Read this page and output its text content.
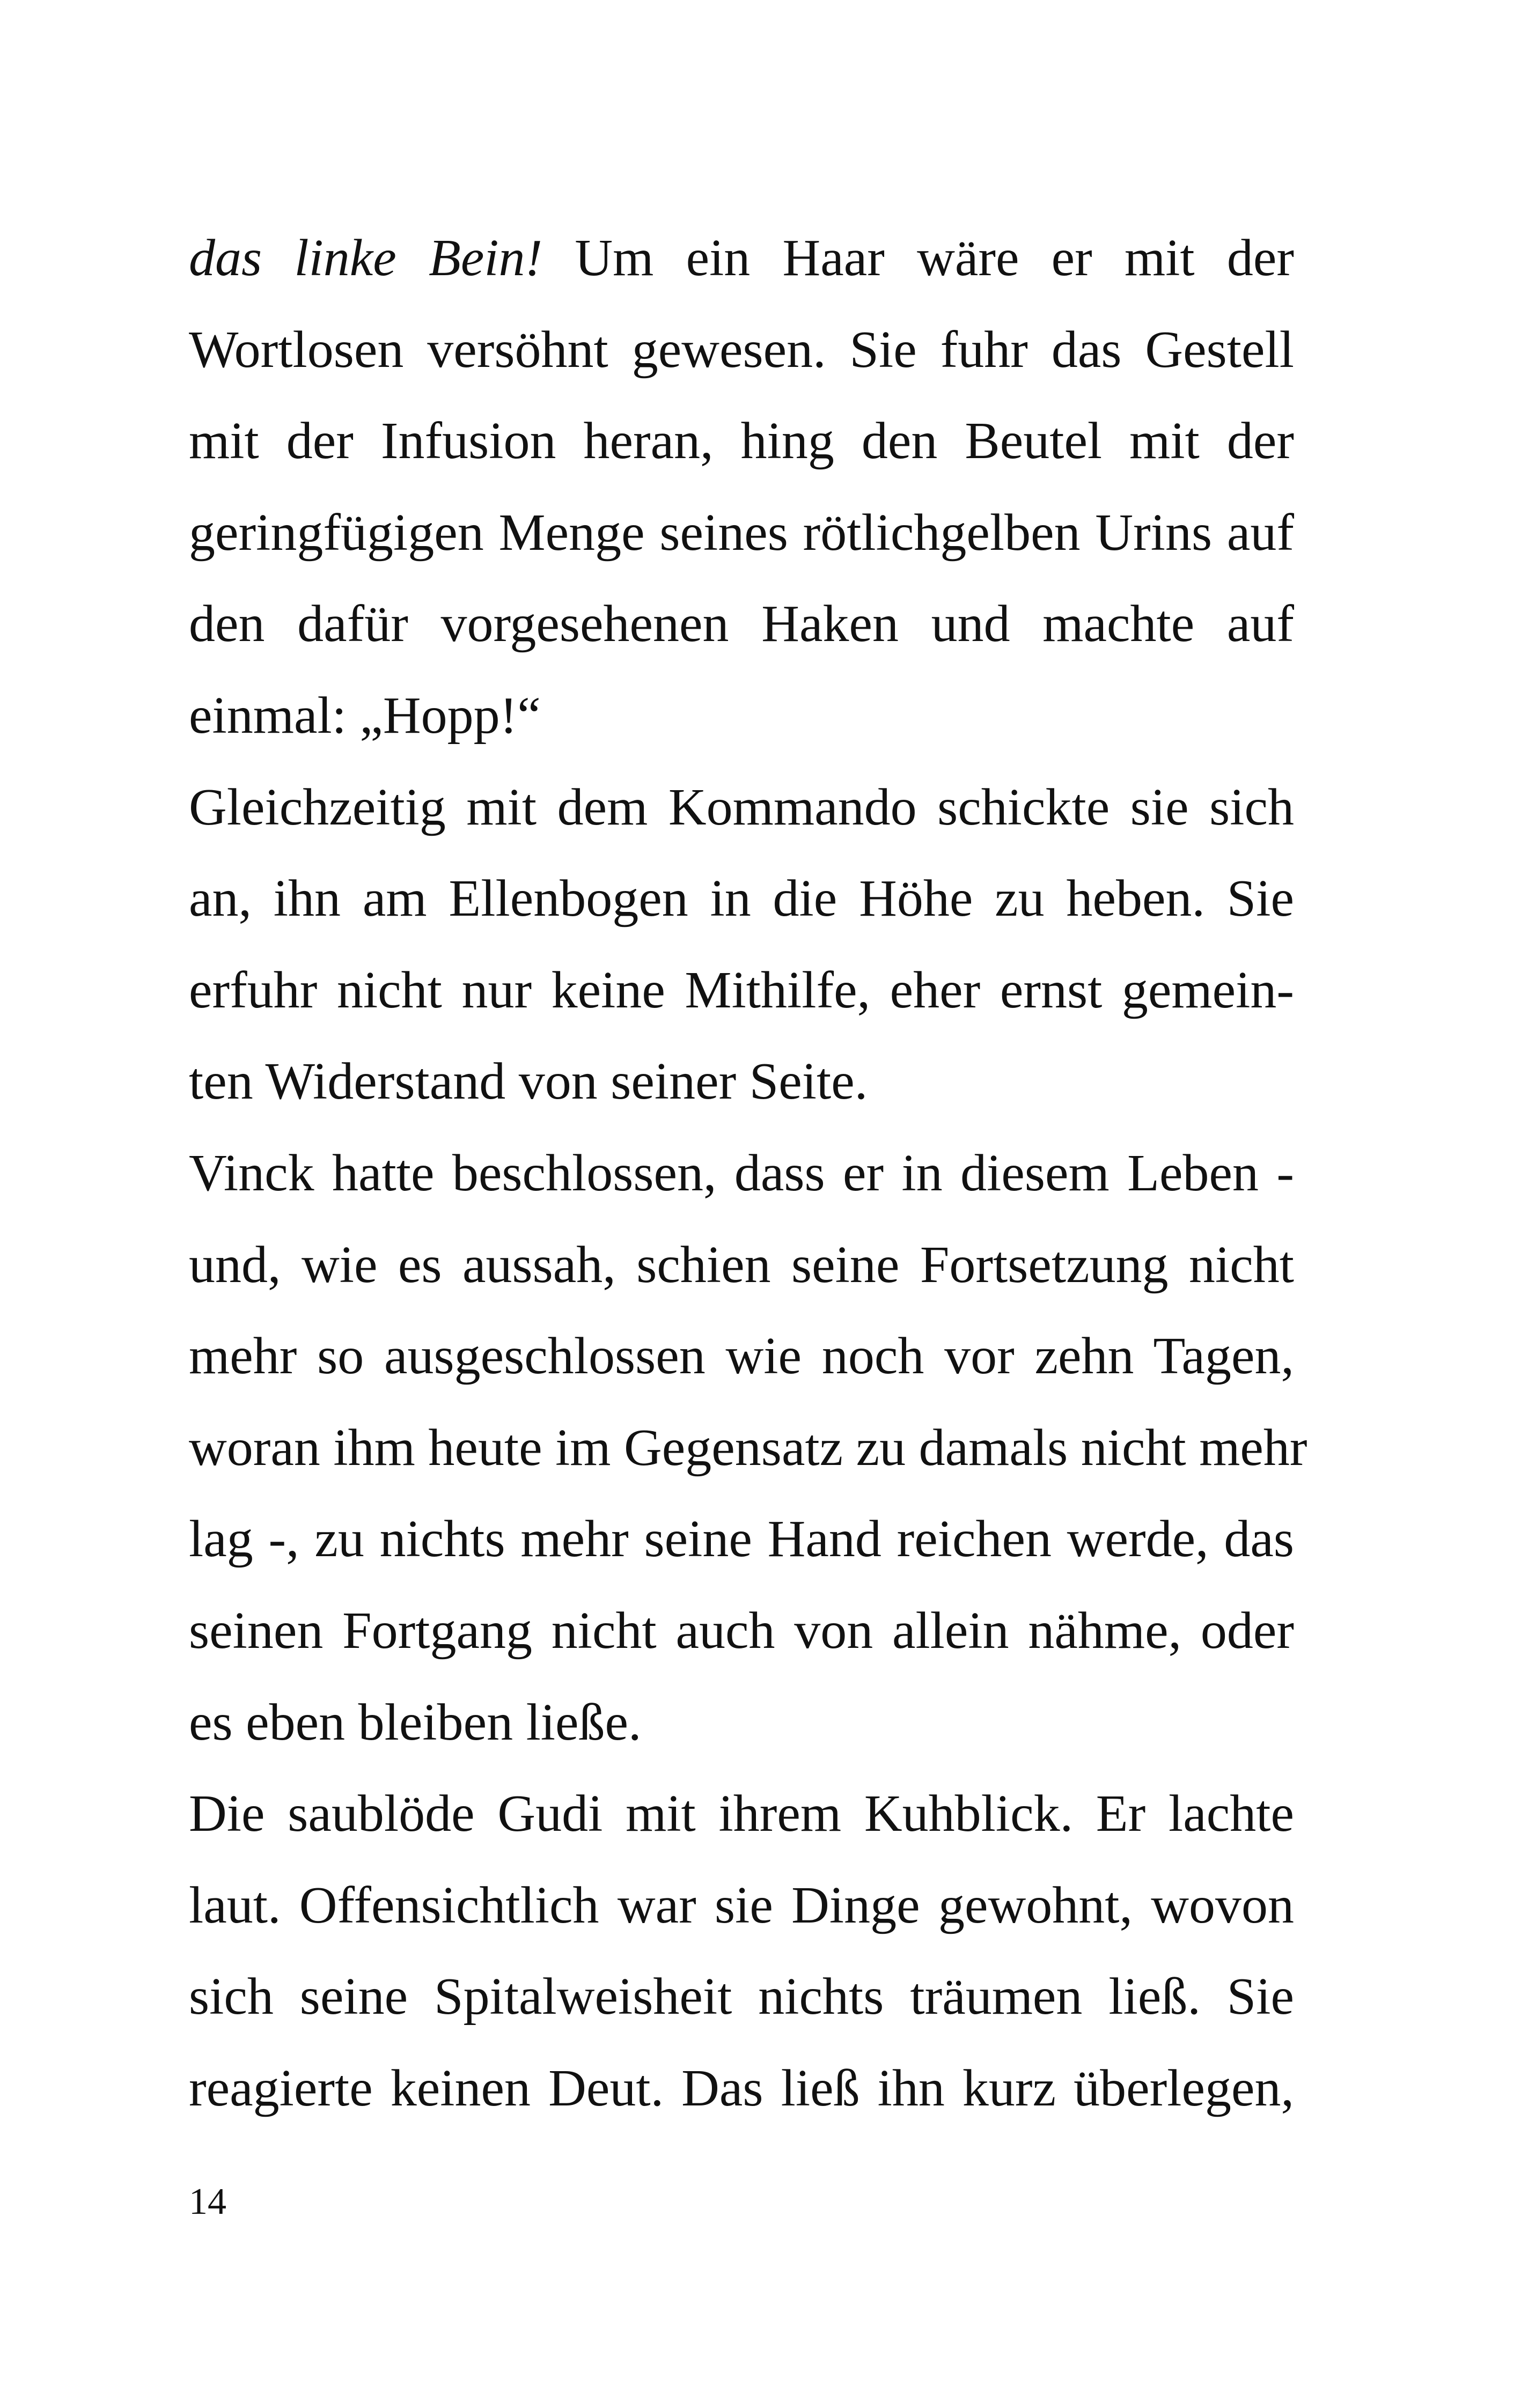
das linke Bein! Um ein Haar wäre er mit der
Wortlosen versöhnt gewesen. Sie fuhr das Gestell
mit der Infusion heran, hing den Beutel mit der
geringfügigen Menge seines rötlichgelben Urins auf
den dafür vorgesehenen Haken und machte auf
einmal: „Hopp!“
Gleichzeitig mit dem Kommando schickte sie sich
an, ihn am Ellenbogen in die Höhe zu heben. Sie
erfuhr nicht nur keine Mithilfe, eher ernst gemein-
ten Widerstand von seiner Seite.
Vinck hatte beschlossen, dass er in diesem Leben -
und, wie es aussah, schien seine Fortsetzung nicht
mehr so ausgeschlossen wie noch vor zehn Tagen,
woran ihm heute im Gegensatz zu damals nicht mehr
lag -, zu nichts mehr seine Hand reichen werde, das
seinen Fortgang nicht auch von allein nähme, oder
es eben bleiben ließe.
Die saublöde Gudi mit ihrem Kuhblick. Er lachte
laut. Offensichtlich war sie Dinge gewohnt, wovon
sich seine Spitalweisheit nichts träumen ließ. Sie
reagierte keinen Deut. Das ließ ihn kurz überlegen,
14
